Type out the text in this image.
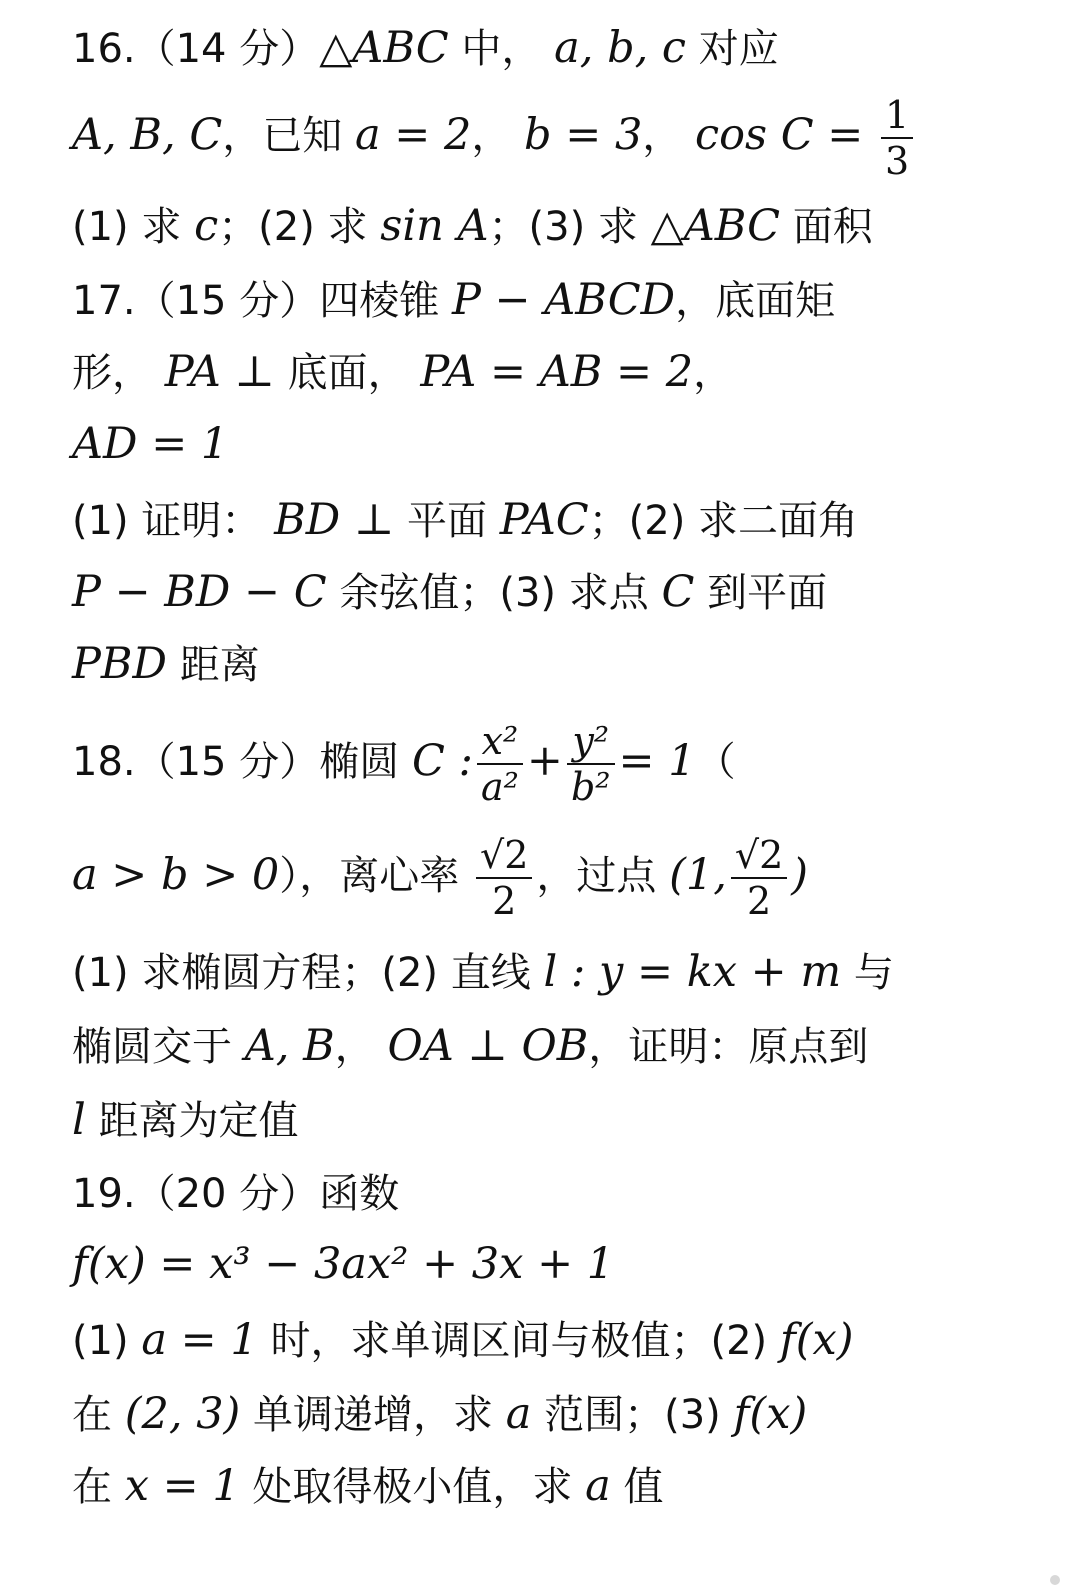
16.（14 分）△ABC 中， a, b, c 对应
A, B, C，已知 a = 2， b = 3， $\cos C = \frac{1}{3}$
(1) 求 c；(2) 求 sin A；(3) 求 △ABC 面积
17.（15 分）四棱锥 P − ABCD，底面矩
形， PA ⊥ 底面， PA = AB = 2，
AD = 1
(1) 证明： BD ⊥ 平面 PAC；(2) 求二面角
P − BD − C 余弦值；(3) 求点 C 到平面
PBD 距离
18.（15 分）椭圆 C : $\frac{\text{x²}}{\text{a²}} + \frac{\text{y²}}{\text{b²}} = 1$（
a > b > 0），离心率 $\frac{√2}{2}$ ，过点 (1, $\frac{√2}{2}$ )
(1) 求椭圆方程；(2) 直线 l : y = kx + m 与
椭圆交于 A, B， OA ⊥ OB，证明：原点到
l 距离为定值
19.（20 分）函数
f(x) = x³ − 3ax² + 3x + 1
(1) a = 1 时，求单调区间与极值；(2) f(x)
在 (2, 3) 单调递增，求 a 范围；(3) f(x)
在 x = 1 处取得极小值，求 a 值
